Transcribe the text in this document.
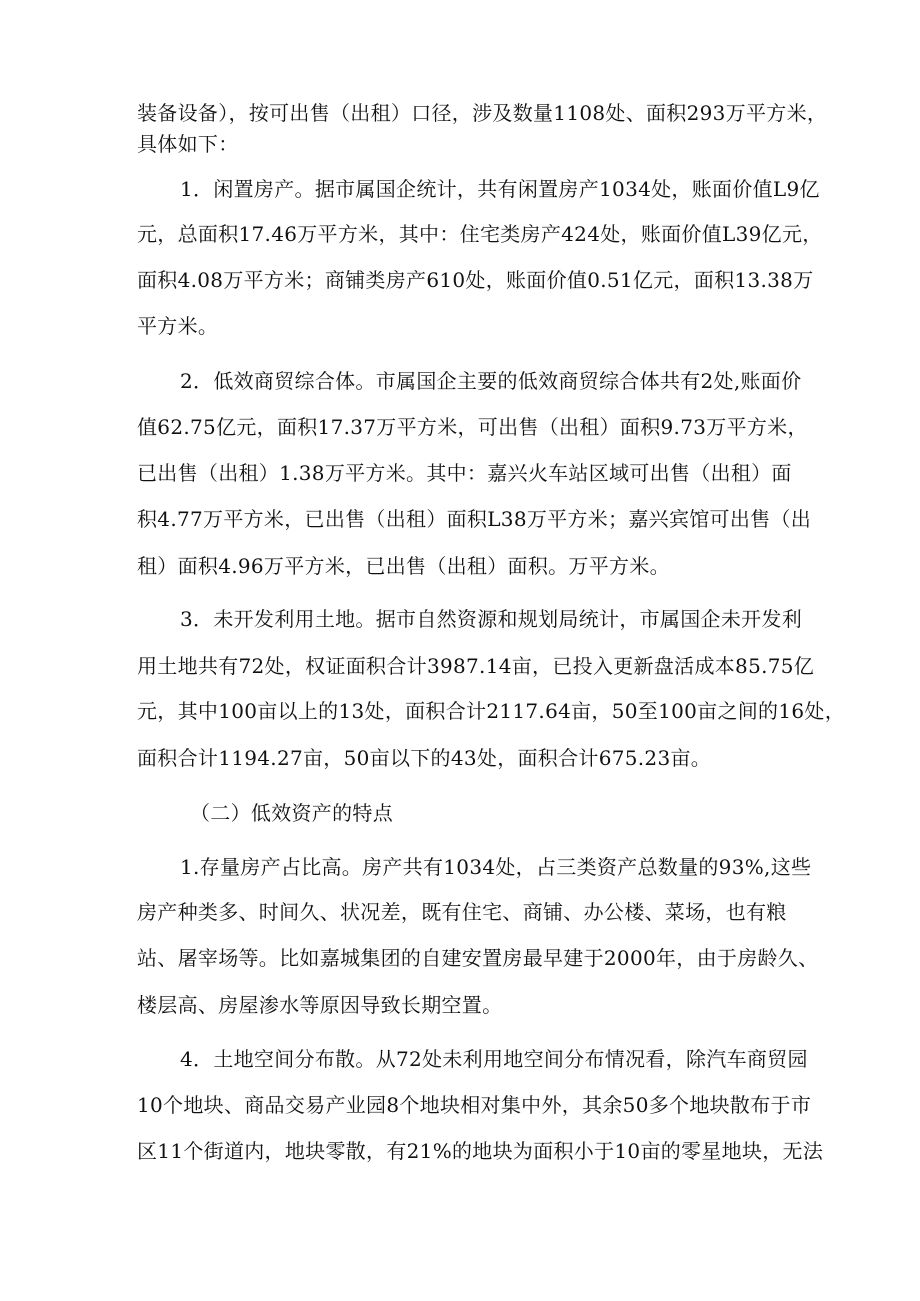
装备设备），按可出售（出租）口径，涉及数量1108处、面积293万平方米，
具体如下：
1．闲置房产。据市属国企统计，共有闲置房产1034处，账面价值L9亿
元，总面积17.46万平方米，其中：住宅类房产424处，账面价值L39亿元，
面积4.08万平方米；商铺类房产610处，账面价值0.51亿元，面积13.38万
平方米。
2．低效商贸综合体。市属国企主要的低效商贸综合体共有2处,账面价
值62.75亿元，面积17.37万平方米，可出售（出租）面积9.73万平方米，
已出售（出租）1.38万平方米。其中：嘉兴火车站区域可出售（出租）面
积4.77万平方米，已出售（出租）面积L38万平方米；嘉兴宾馆可出售（出
租）面积4.96万平方米，已出售（出租）面积。万平方米。
3．未开发利用土地。据市自然资源和规划局统计，市属国企未开发利
用土地共有72处，权证面积合计3987.14亩，已投入更新盘活成本85.75亿
元，其中100亩以上的13处，面积合计2117.64亩，50至100亩之间的16处，
面积合计1194.27亩，50亩以下的43处，面积合计675.23亩。
（二）低效资产的特点
1.存量房产占比高。房产共有1034处，占三类资产总数量的93%,这些
房产种类多、时间久、状况差，既有住宅、商铺、办公楼、菜场，也有粮
站、屠宰场等。比如嘉城集团的自建安置房最早建于2000年，由于房龄久、
楼层高、房屋渗水等原因导致长期空置。
4．土地空间分布散。从72处未利用地空间分布情况看，除汽车商贸园
10个地块、商品交易产业园8个地块相对集中外，其余50多个地块散布于市
区11个街道内，地块零散，有21%的地块为面积小于10亩的零星地块，无法
